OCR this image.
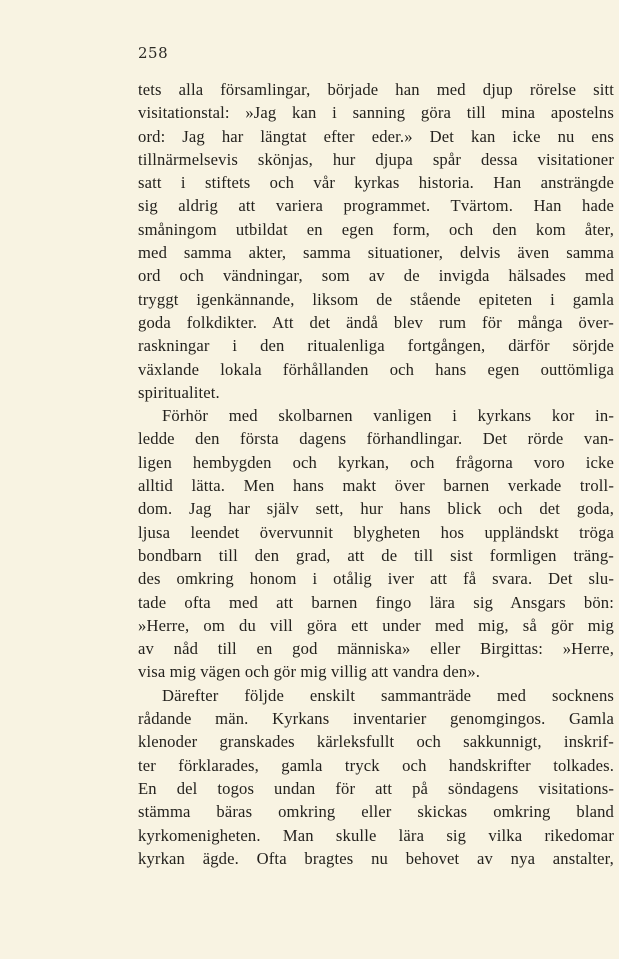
258
tets alla församlingar, började han med djup rörelse sitt
visitationstal: »Jag kan i sanning göra till mina apostelns
ord: Jag har längtat efter eder.» Det kan icke nu ens
tillnärmelsevis skönjas, hur djupa spår dessa visitationer
satt i stiftets och vår kyrkas historia. Han ansträngde
sig aldrig att variera programmet. Tvärtom. Han hade
småningom utbildat en egen form, och den kom åter,
med samma akter, samma situationer, delvis även samma
ord och vändningar, som av de invigda hälsades med
tryggt igenkännande, liksom de stående epiteten i gamla
goda folkdikter. Att det ändå blev rum för många över-
raskningar i den ritualenliga fortgången, därför sörjde
växlande lokala förhållanden och hans egen outtömliga
spiritualitet.
Förhör med skolbarnen vanligen i kyrkans kor in-
ledde den första dagens förhandlingar. Det rörde van-
ligen hembygden och kyrkan, och frågorna voro icke
alltid lätta. Men hans makt över barnen verkade troll-
dom. Jag har själv sett, hur hans blick och det goda,
ljusa leendet övervunnit blygheten hos uppländskt tröga
bondbarn till den grad, att de till sist formligen träng-
des omkring honom i otålig iver att få svara. Det slu-
tade ofta med att barnen fingo lära sig Ansgars bön:
»Herre, om du vill göra ett under med mig, så gör mig
av nåd till en god människa» eller Birgittas: »Herre,
visa mig vägen och gör mig villig att vandra den».
Därefter följde enskilt sammanträde med socknens
rådande män. Kyrkans inventarier genomgingos. Gamla
klenoder granskades kärleksfullt och sakkunnigt, inskrif-
ter förklarades, gamla tryck och handskrifter tolkades.
En del togos undan för att på söndagens visitations-
stämma bäras omkring eller skickas omkring bland
kyrkomenigheten. Man skulle lära sig vilka rikedomar
kyrkan ägde. Ofta bragtes nu behovet av nya anstalter,
